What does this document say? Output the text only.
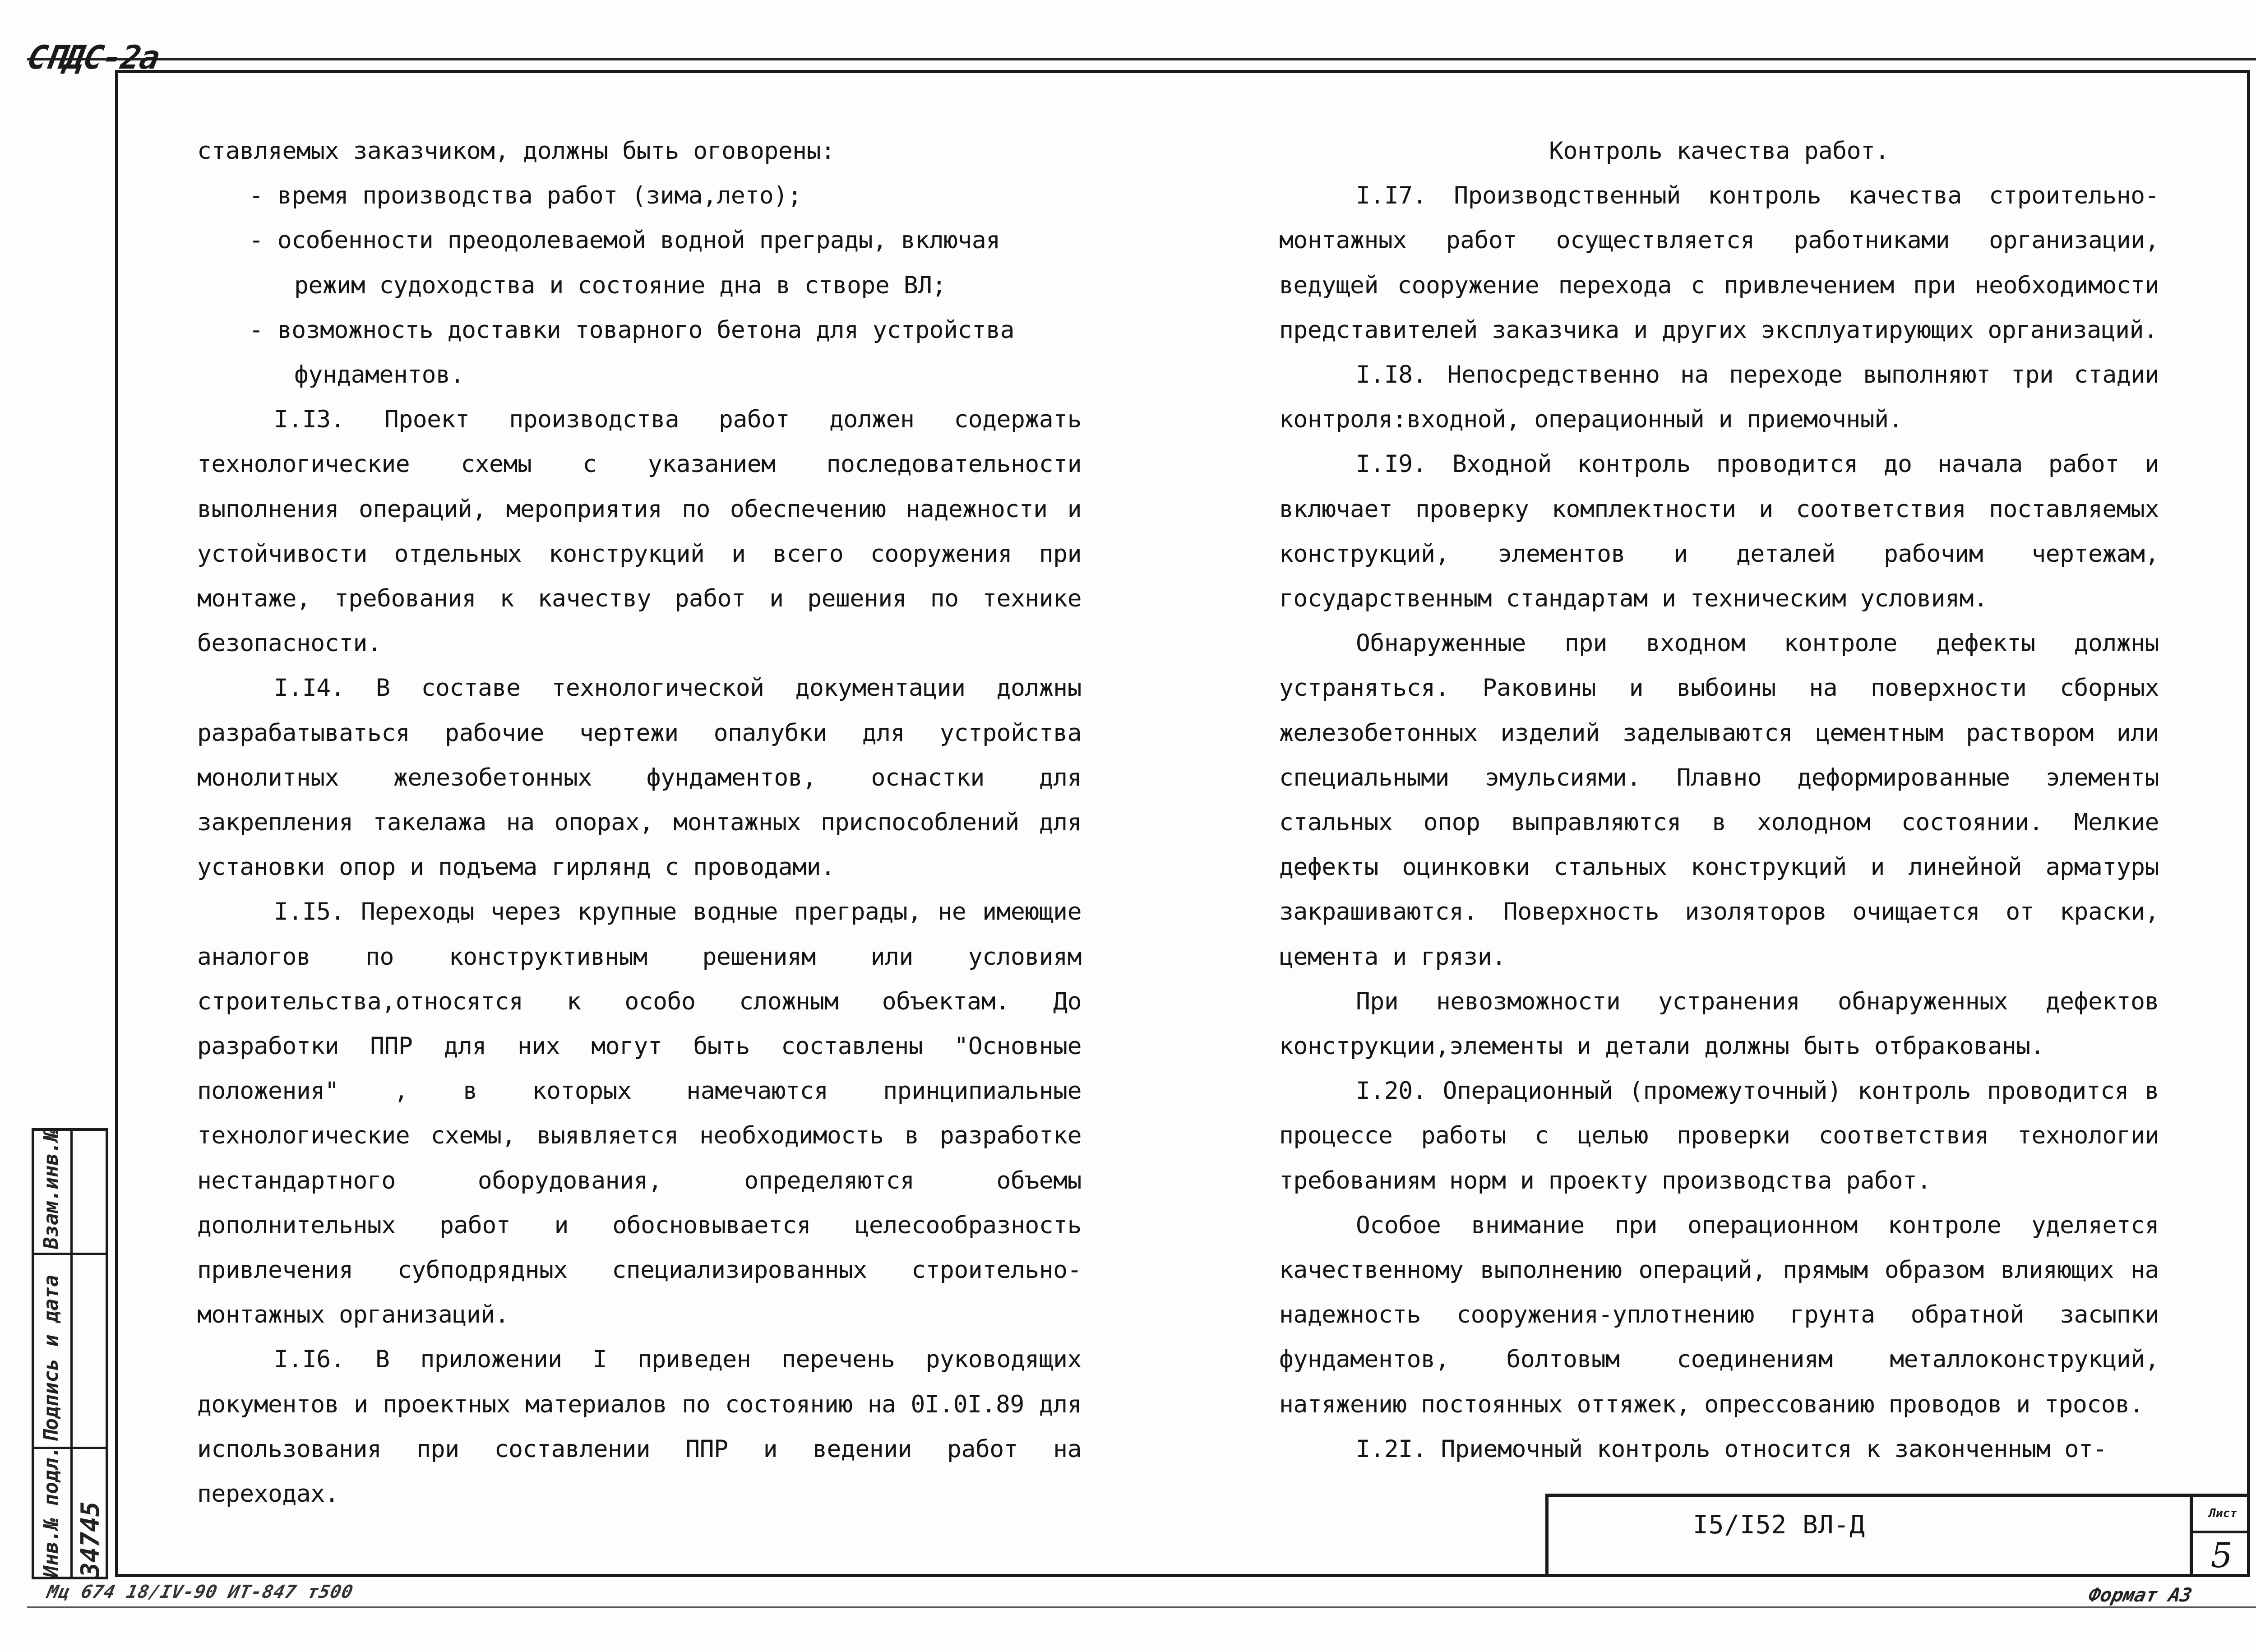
СПДС-2а

ставляемых заказчиком, должны быть оговорены:

- время производства работ (зима,лето);

- особенности преодолеваемой водной преграды, включая

режим судоходства и состояние дна в створе ВЛ;

- возможность доставки товарного бетона для устройства

фундаментов.

I.I3. Проект производства работ должен содержать технологические схемы с указанием последовательности выполнения операций, мероприятия по обеспечению надежности и устойчивости отдельных конструкций и всего сооружения при монтаже, требования к качеству работ и решения по технике безопасности.

I.I4. В составе технологической документации должны разрабатываться рабочие чертежи опалубки для устройства монолитных железобетонных фундаментов, оснастки для закрепления такелажа на опорах, монтажных приспособлений для установки опор и подъема гирлянд с проводами.

I.I5. Переходы через крупные водные преграды, не имеющие аналогов по конструктивным решениям или условиям строительства,относятся к особо сложным объектам. До разработки ППР для них могут быть составлены "Основные положения" , в которых намечаются принципиальные технологические схемы, выявляется необходимость в разработке нестандартного оборудования, определяются объемы дополнительных работ и обосновывается целесообразность привлечения субподрядных специализированных строительно-монтажных организаций.

I.I6. В приложении I приведен перечень руководящих документов и проектных материалов по состоянию на 0I.0I.89 для использования при составлении ППР и ведении работ на переходах.

Контроль качества работ.

I.I7. Производственный контроль качества строительно-монтажных работ осуществляется работниками организации, ведущей сооружение перехода с привлечением при необходимости представителей заказчика и других эксплуатирующих организаций.

I.I8. Непосредственно на переходе выполняют три стадии контроля:входной, операционный и приемочный.

I.I9. Входной контроль проводится до начала работ и включает проверку комплектности и соответствия поставляемых конструкций, элементов и деталей рабочим чертежам, государственным стандартам и техническим условиям.

Обнаруженные при входном контроле дефекты должны устраняться. Раковины и выбоины на поверхности сборных железобетонных изделий заделываются цементным раствором или специальными эмульсиями. Плавно деформированные элементы стальных опор выправляются в холодном состоянии. Мелкие дефекты оцинковки стальных конструкций и линейной арматуры закрашиваются. Поверхность изоляторов очищается от краски, цемента и грязи.

При невозможности устранения обнаруженных дефектов конструкции,элементы и детали должны быть отбракованы.

I.20. Операционный (промежуточный) контроль проводится в процессе работы с целью проверки соответствия технологии требованиям норм и проекту производства работ.

Особое внимание при операционном контроле уделяется качественному выполнению операций, прямым образом влияющих на надежность сооружения-уплотнению грунта обратной засыпки фундаментов, болтовым соединениям металлоконструкций, натяжению постоянных оттяжек, опрессованию проводов и тросов.

I.2I. Приемочный контроль относится к законченным от-

Инв.№ подл. 34745
Подпись и дата
Взам.инв.№
I5/I52 ВЛ-Д	Лист
5
Мц 674 18/IV-90 ИТ-847 т500	Формат А3
